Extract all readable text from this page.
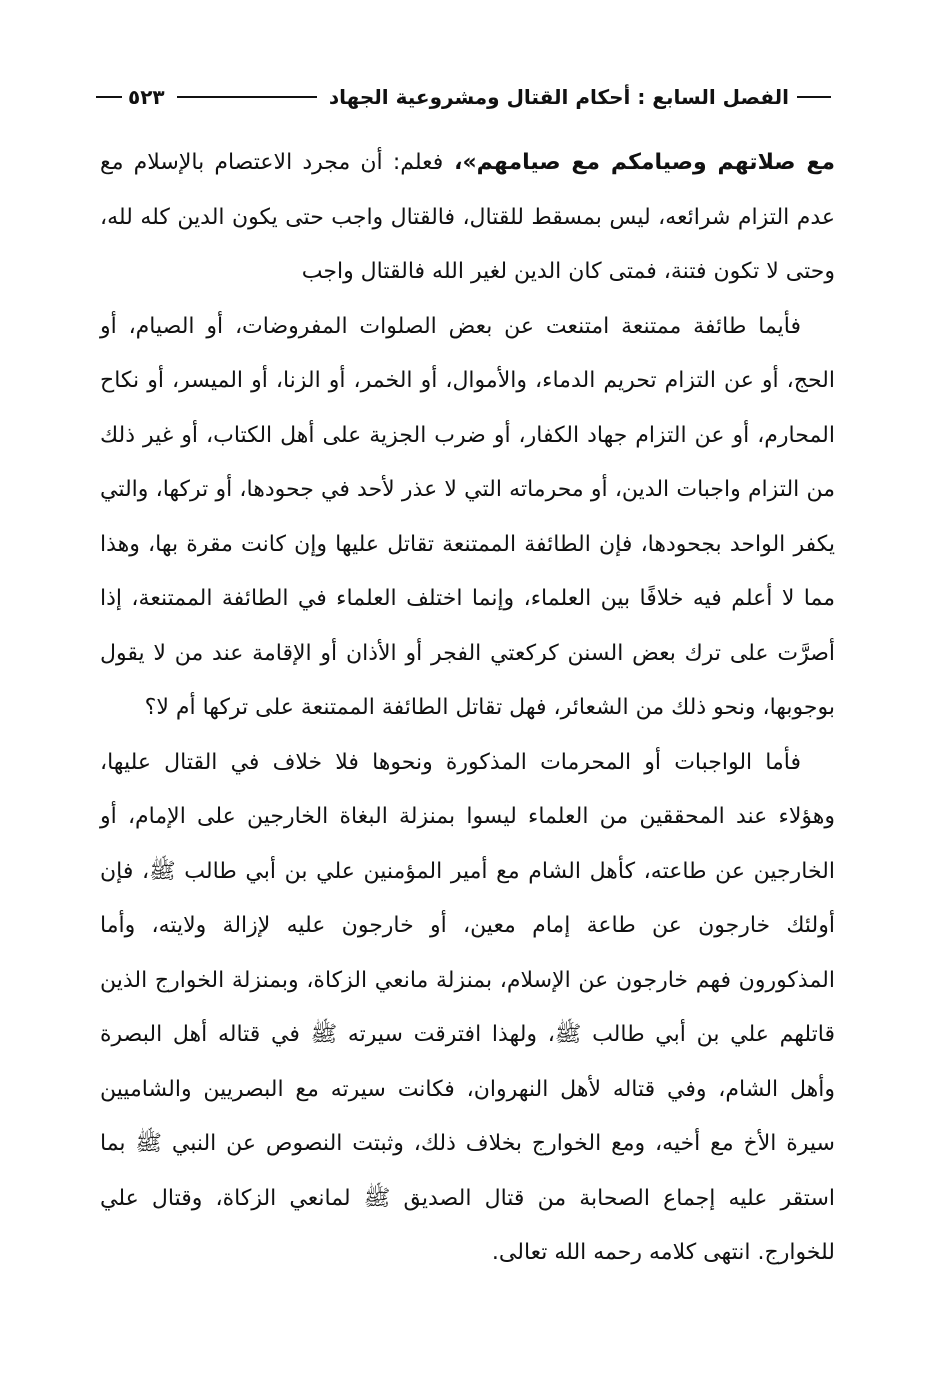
الفصل السابع : أحكام القتال ومشروعية الجهاد
٥٢٣

مع صلاتهم وصيامكم مع صيامهم»، فعلم: أن مجرد الاعتصام بالإسلام مع عدم التزام شرائعه، ليس بمسقط للقتال، فالقتال واجب حتى يكون الدين كله لله، وحتى لا تكون فتنة، فمتى كان الدين لغير الله فالقتال واجب

فأيما طائفة ممتنعة امتنعت عن بعض الصلوات المفروضات، أو الصيام، أو الحج، أو عن التزام تحريم الدماء، والأموال، أو الخمر، أو الزنا، أو الميسر، أو نكاح المحارم، أو عن التزام جهاد الكفار، أو ضرب الجزية على أهل الكتاب، أو غير ذلك من التزام واجبات الدين، أو محرماته التي لا عذر لأحد في جحودها، أو تركها، والتي يكفر الواحد بجحودها، فإن الطائفة الممتنعة تقاتل عليها وإن كانت مقرة بها، وهذا مما لا أعلم فيه خلافًا بين العلماء، وإنما اختلف العلماء في الطائفة الممتنعة، إذا أصرَّت على ترك بعض السنن كركعتي الفجر أو الأذان أو الإقامة عند من لا يقول بوجوبها، ونحو ذلك من الشعائر، فهل تقاتل الطائفة الممتنعة على تركها أم لا؟

فأما الواجبات أو المحرمات المذكورة ونحوها فلا خلاف في القتال عليها، وهؤلاء عند المحققين من العلماء ليسوا بمنزلة البغاة الخارجين على الإمام، أو الخارجين عن طاعته، كأهل الشام مع أمير المؤمنين علي بن أبي طالب ﷺ، فإن أولئك خارجون عن طاعة إمام معين، أو خارجون عليه لإزالة ولايته، وأما المذكورون فهم خارجون عن الإسلام، بمنزلة مانعي الزكاة، وبمنزلة الخوارج الذين قاتلهم علي بن أبي طالب ﷺ، ولهذا افترقت سيرته ﷺ في قتاله أهل البصرة وأهل الشام، وفي قتاله لأهل النهروان، فكانت سيرته مع البصريين والشاميين سيرة الأخ مع أخيه، ومع الخوارج بخلاف ذلك، وثبتت النصوص عن النبي ﷺ بما استقر عليه إجماع الصحابة من قتال الصديق ﷺ لمانعي الزكاة، وقتال علي للخوارج. انتهى كلامه رحمه الله تعالى.
